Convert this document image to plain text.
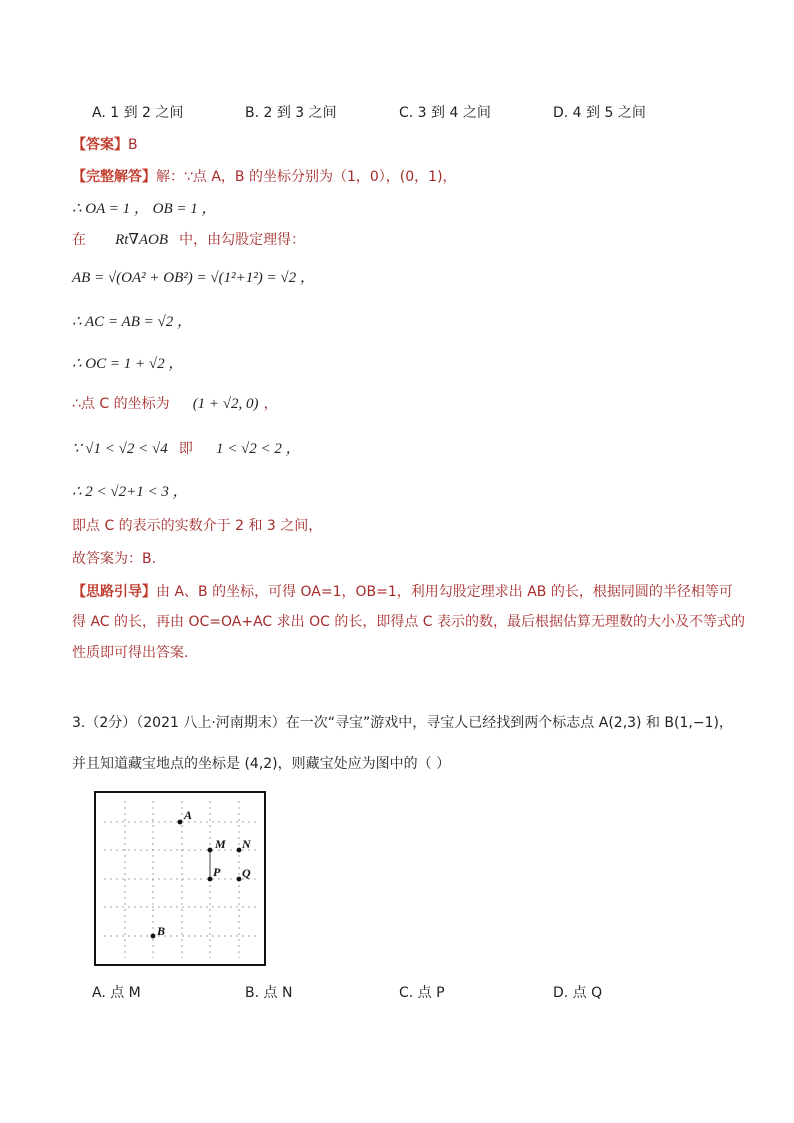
A. 1 到 2 之间	B. 2 到 3 之间	C. 3 到 4 之间	D. 4 到 5 之间
【答案】B
【完整解答】解：∵点 A，B 的坐标分别为（1，0），(0，1)，
∴ OA = 1 ， OB = 1 ，
在 Rt∇AOB 中，由勾股定理得：
AB = √(OA² + OB²) = √(1²+1²) = √2 ，
∴ AC = AB = √2 ，
∴ OC = 1 + √2 ，
∴点 C 的坐标为 (1 + √2, 0) ，
∵ √1 < √2 < √4 即 1 < √2 < 2 ，
∴ 2 < √2+1 < 3 ，
即点 C 的表示的实数介于 2 和 3 之间，
故答案为：B.
【思路引导】由 A、B 的坐标，可得 OA=1，OB=1，利用勾股定理求出 AB 的长，根据同圆的半径相等可
得 AC 的长，再由 OC=OA+AC 求出 OC 的长，即得点 C 表示的数，最后根据估算无理数的大小及不等式的
性质即可得出答案.
3.（2分）（2021 八上·河南期末）在一次“寻宝”游戏中，寻宝人已经找到两个标志点 A(2,3) 和 B(1,−1)，
并且知道藏宝地点的坐标是 (4,2)，则藏宝处应为图中的（ ）
A
M N
P Q
B
A. 点 M	B. 点 N	C. 点 P	D. 点 Q
